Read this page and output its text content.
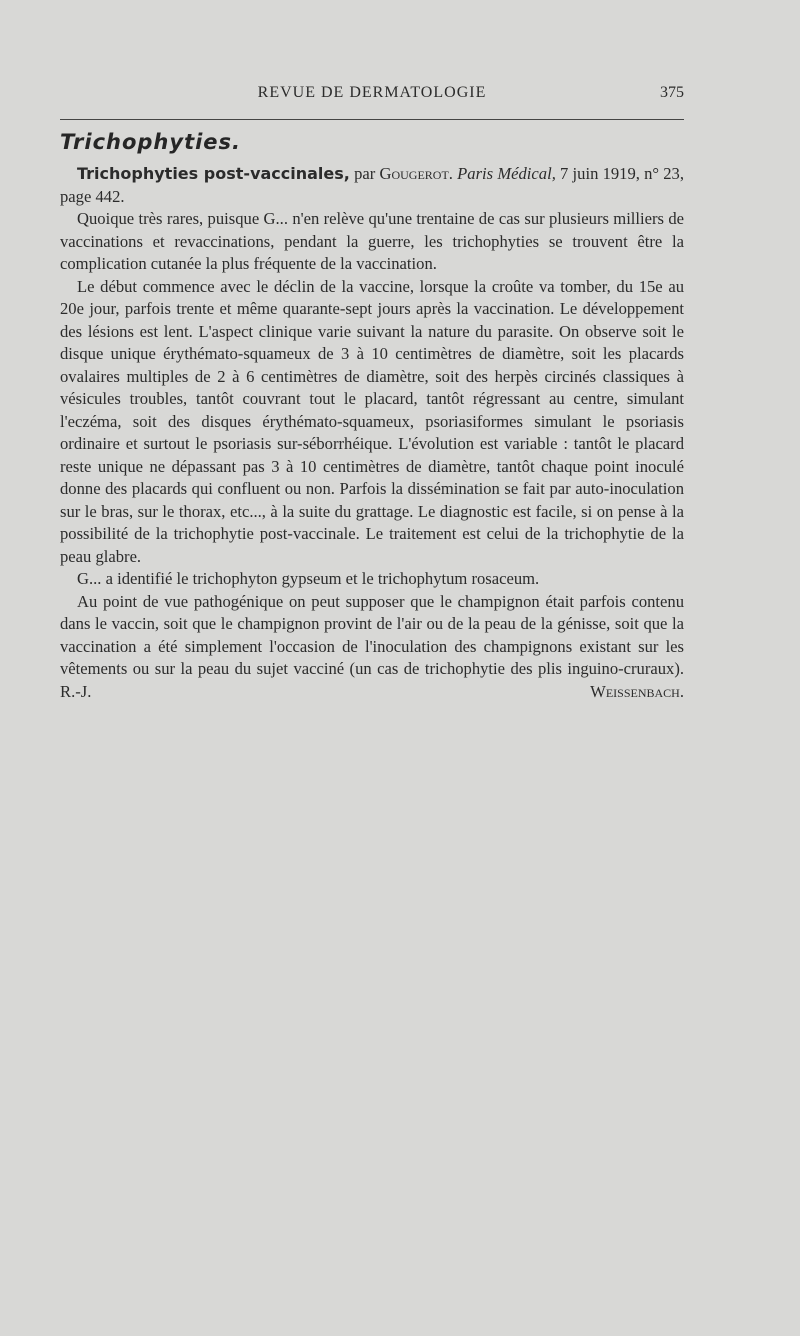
REVUE DE DERMATOLOGIE	375
Trichophyties.

Trichophyties post-vaccinales, par Gougerot. Paris Médical, 7 juin 1919, n° 23, page 442.

Quoique très rares, puisque G... n'en relève qu'une trentaine de cas sur plusieurs milliers de vaccinations et revaccinations, pendant la guerre, les trichophyties se trouvent être la complication cutanée la plus fréquente de la vaccination.

Le début commence avec le déclin de la vaccine, lorsque la croûte va tomber, du 15e au 20e jour, parfois trente et même quarante-sept jours après la vaccination. Le développement des lésions est lent. L'aspect clinique varie suivant la nature du parasite. On observe soit le disque unique érythémato-squameux de 3 à 10 centimètres de diamètre, soit les placards ovalaires multiples de 2 à 6 centimètres de diamètre, soit des herpès circinés classiques à vésicules troubles, tantôt couvrant tout le placard, tantôt régressant au centre, simulant l'eczéma, soit des disques érythémato-squameux, psoriasiformes simulant le psoriasis ordinaire et surtout le psoriasis sur-séborrhéique. L'évolution est variable : tantôt le placard reste unique ne dépassant pas 3 à 10 centimètres de diamètre, tantôt chaque point inoculé donne des placards qui confluent ou non. Parfois la dissémination se fait par auto-inoculation sur le bras, sur le thorax, etc..., à la suite du grattage. Le diagnostic est facile, si on pense à la possibilité de la trichophytie post-vaccinale. Le traitement est celui de la trichophytie de la peau glabre.

G... a identifié le trichophyton gypseum et le trichophytum rosaceum.

Au point de vue pathogénique on peut supposer que le champignon était parfois contenu dans le vaccin, soit que le champignon provint de l'air ou de la peau de la génisse, soit que la vaccination a été simplement l'occasion de l'inoculation des champignons existant sur les vêtements ou sur la peau du sujet vacciné (un cas de trichophytie des plis inguino-cruraux). R.-J. Weissenbach.
